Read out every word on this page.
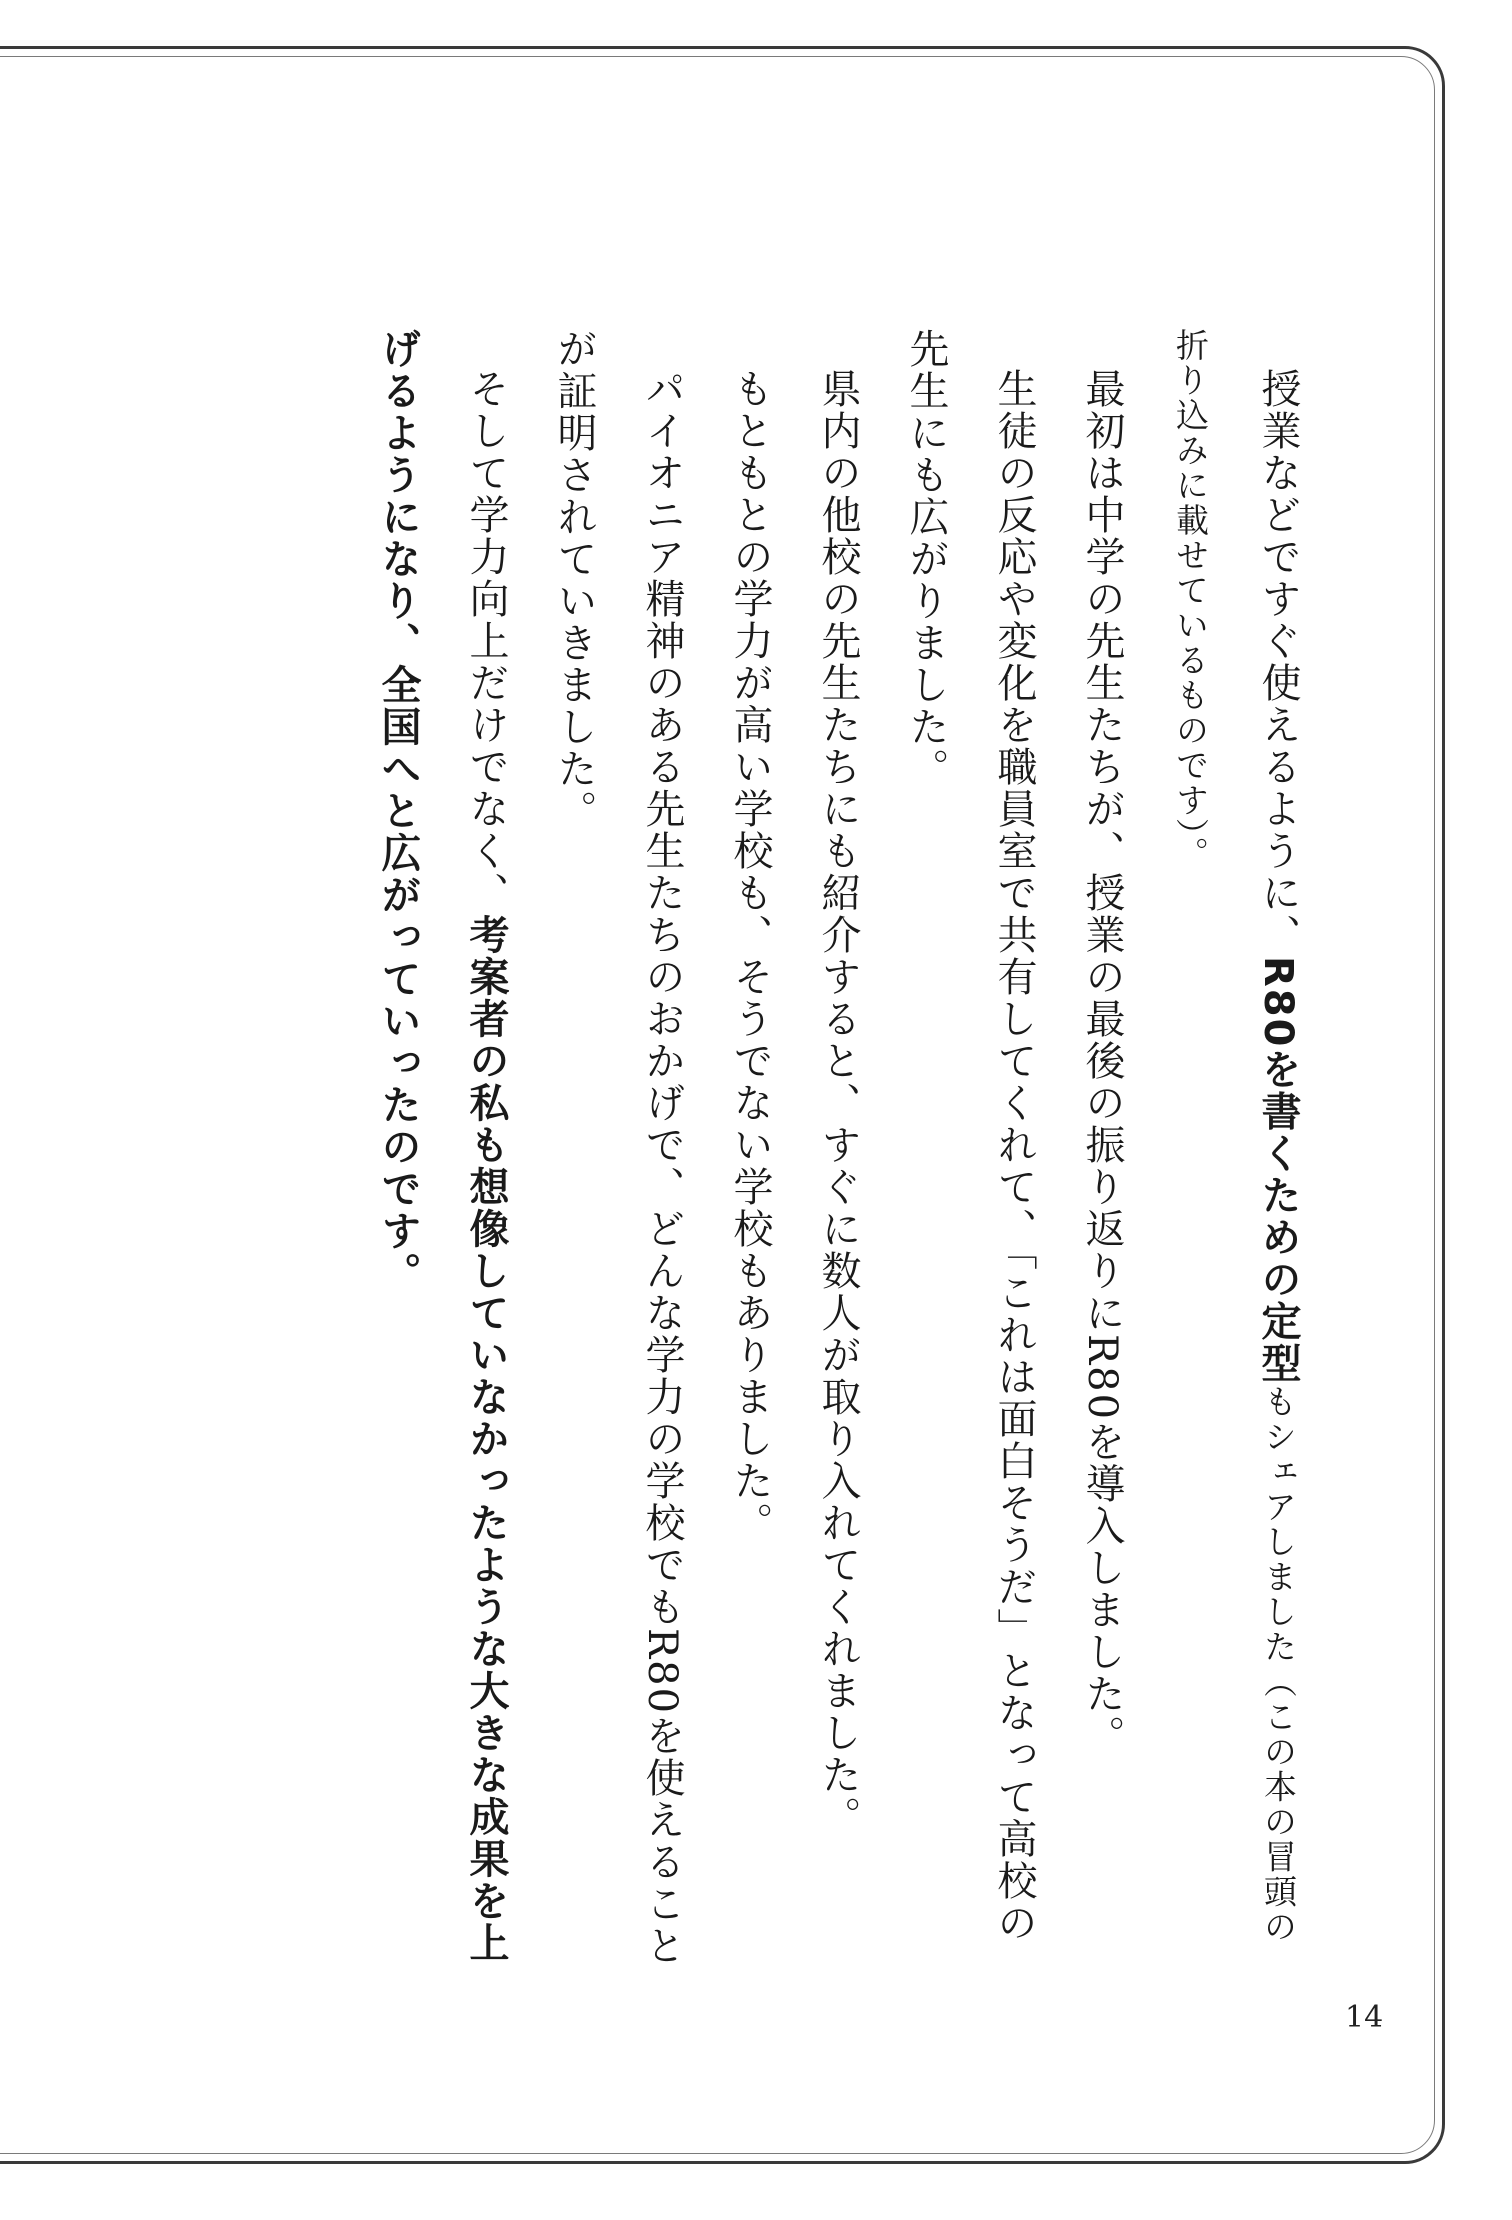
授業などですぐ使えるように、R80を書くための定型もシェアしました（この本の冒頭の折り込みに載せているものです）。

最初は中学の先生たちが、授業の最後の振り返りにR80を導入しました。

生徒の反応や変化を職員室で共有してくれて、「これは面白そうだ」となって高校の先生にも広がりました。

県内の他校の先生たちにも紹介すると、すぐに数人が取り入れてくれました。

もともとの学力が高い学校も、そうでない学校もありました。

パイオニア精神のある先生たちのおかげで、どんな学力の学校でもR80を使えることが証明されていきました。

そして学力向上だけでなく、考案者の私も想像していなかったような大きな成果を上げるようになり、全国へと広がっていったのです。

14
